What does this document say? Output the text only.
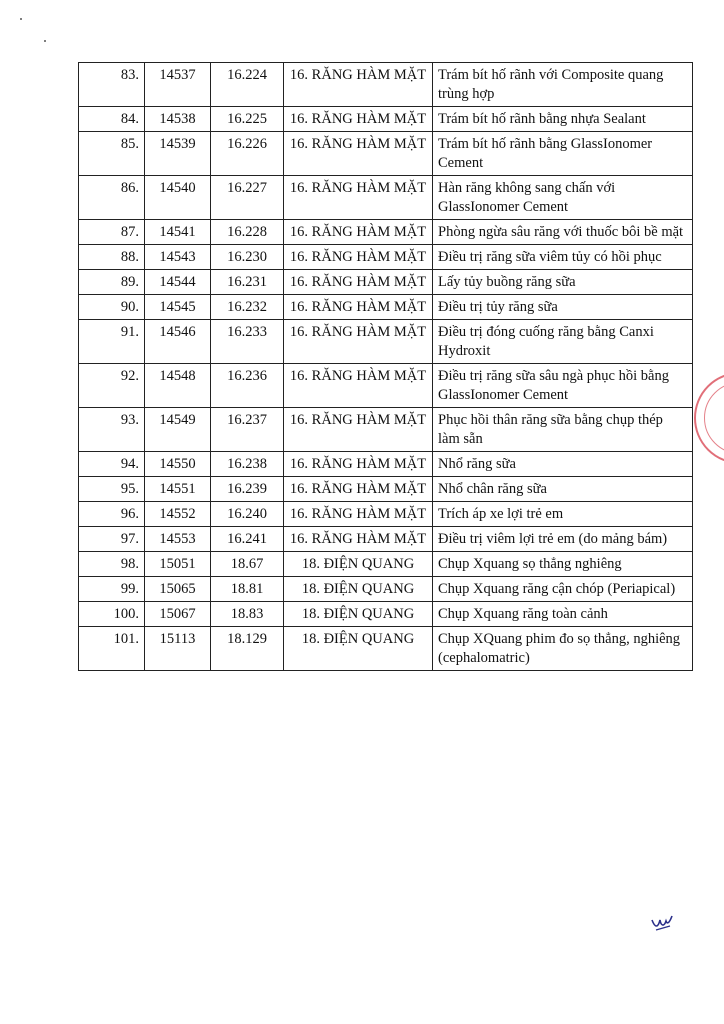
83.	14537	16.224	16. RĂNG HÀM MẶT	Trám bít hố rãnh với Composite quang trùng hợp
84.	14538	16.225	16. RĂNG HÀM MẶT	Trám bít hố rãnh bằng nhựa Sealant
85.	14539	16.226	16. RĂNG HÀM MẶT	Trám bít hố rãnh bằng GlassIonomer Cement
86.	14540	16.227	16. RĂNG HÀM MẶT	Hàn răng không sang chấn với GlassIonomer Cement
87.	14541	16.228	16. RĂNG HÀM MẶT	Phòng ngừa sâu răng với thuốc bôi bề mặt
88.	14543	16.230	16. RĂNG HÀM MẶT	Điều trị răng sữa viêm tủy có hồi phục
89.	14544	16.231	16. RĂNG HÀM MẶT	Lấy tủy buồng răng sữa
90.	14545	16.232	16. RĂNG HÀM MẶT	Điều trị tủy răng sữa
91.	14546	16.233	16. RĂNG HÀM MẶT	Điều trị đóng cuống răng bằng Canxi Hydroxit
92.	14548	16.236	16. RĂNG HÀM MẶT	Điều trị răng sữa sâu ngà phục hồi bằng GlassIonomer Cement
93.	14549	16.237	16. RĂNG HÀM MẶT	Phục hồi thân răng sữa bằng chụp thép làm sẵn
94.	14550	16.238	16. RĂNG HÀM MẶT	Nhổ răng sữa
95.	14551	16.239	16. RĂNG HÀM MẶT	Nhổ chân răng sữa
96.	14552	16.240	16. RĂNG HÀM MẶT	Trích áp xe lợi trẻ em
97.	14553	16.241	16. RĂNG HÀM MẶT	Điều trị viêm lợi trẻ em (do mảng bám)
98.	15051	18.67	18. ĐIỆN QUANG	Chụp Xquang sọ thẳng nghiêng
99.	15065	18.81	18. ĐIỆN QUANG	Chụp Xquang răng cận chóp (Periapical)
100.	15067	18.83	18. ĐIỆN QUANG	Chụp Xquang răng toàn cảnh
101.	15113	18.129	18. ĐIỆN QUANG	Chụp XQuang phim đo sọ thẳng, nghiêng (cephalomatric)
